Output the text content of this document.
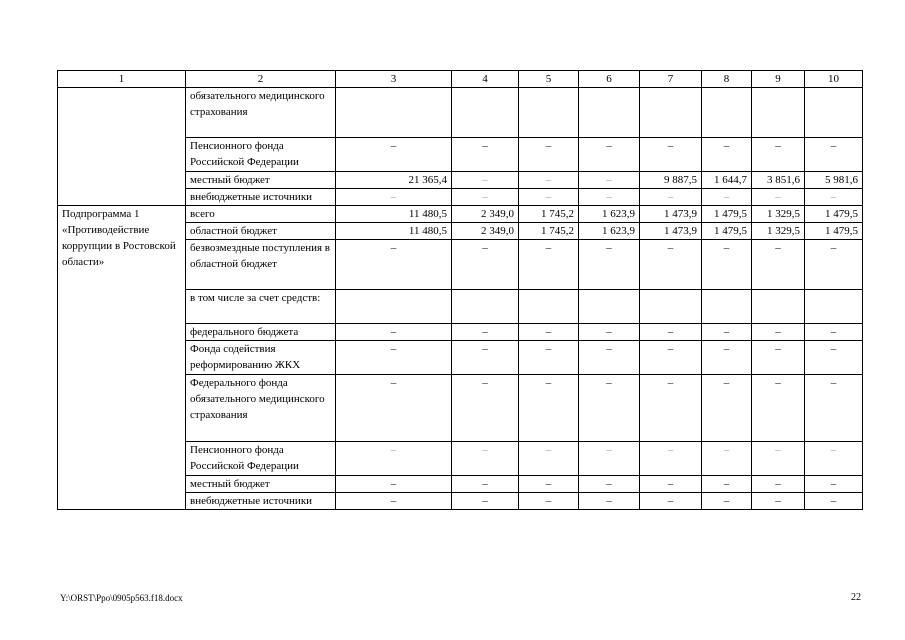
1	2	3	4	5	6	7	8	9	10
	обязательного медицинского страхования								
	Пенсионного фонда Российской Федерации	–	–	–	–	–	–	–	–
	местный бюджет	21 365,4	–	–	–	9 887,5	1 644,7	3 851,6	5 981,6
	внебюджетные источники	–	–	–	–	–	–	–	–
Подпрограмма 1 «Противодействие коррупции в Ростовской области»	всего	11 480,5	2 349,0	1 745,2	1 623,9	1 473,9	1 479,5	1 329,5	1 479,5
	областной бюджет	11 480,5	2 349,0	1 745,2	1 623,9	1 473,9	1 479,5	1 329,5	1 479,5
	безвозмездные поступления в областной бюджет	–	–	–	–	–	–	–	–
	в том числе за счет средств:								
	федерального бюджета	–	–	–	–	–	–	–	–
	Фонда содействия реформированию ЖКХ	–	–	–	–	–	–	–	–
	Федерального фонда обязательного медицинского страхования	–	–	–	–	–	–	–	–
	Пенсионного фонда Российской Федерации	–	–	–	–	–	–	–	–
	местный бюджет	–	–	–	–	–	–	–	–
	внебюджетные источники	–	–	–	–	–	–	–	–
Y:\ORST\Ppo\0905p563.f18.docx	22
